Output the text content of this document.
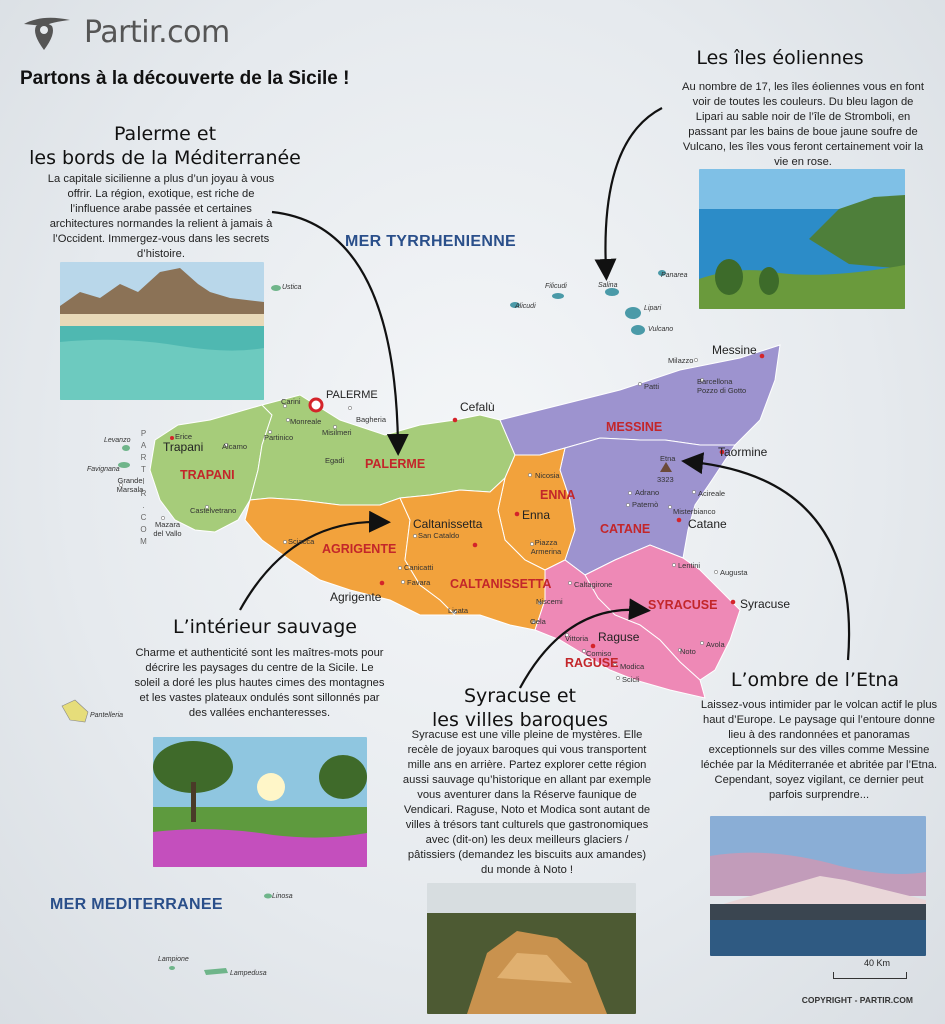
Partir.com
Partons à la découverte de la Sicile !
MER TYRRHENIENNE
MER MEDITERRANEE
TRAPANI
PALERME
MESSINE
ENNA
CATANE
AGRIGENTE
CALTANISSETTA
SYRACUSE
RAGUSE
PALERME
Trapani
Cefalù
Messine
Taormine
Catane
Syracuse
Raguse
Agrigente
Caltanissetta
Enna
Carini
Monreale	Bagheria
Partinico
Misilmeri
Alcamo
Erice
Egadi
Castelvetrano
Grande Marsala
Mazara del Vallo
Sciacca
Patti
Barcellona Pozzo di Gotto
Milazzo
Nicosia
Adrano
Paternò
Misterbianco
Acireale
San Cataldo
Piazza Armerina
Canicatti
Favara
Licata
Gela
Niscemi
Caltagirone
Lentini
Augusta
Vittoria
Comiso
Modica
Scicli
Noto
Avola
Etna
3323
Ustica	Filicudi
Alicudi
Salina
Panarea
Lipari
Vulcano
Levanzo
Favignana
Pantelleria
Linosa
Lampione
Lampedusa
P
A
R
T
I
R
.
C
O
M
Palerme et
les bords de la Méditerranée
La capitale sicilienne a plus d’un joyau à vous offrir. La région, exotique, est riche de l’influence arabe passée et certaines architectures normandes la relient à jamais à l’Occident. Immergez-vous dans les secrets d’histoire.
Les îles éoliennes
Au nombre de 17, les îles éoliennes vous en font voir de toutes les couleurs. Du bleu lagon de Lipari au sable noir de l’île de Stromboli, en passant par les bains de boue jaune soufre de Vulcano, les îles vous feront certainement voir la vie en rose.
L’intérieur sauvage
Charme et authenticité sont les maîtres-mots pour décrire les paysages du centre de la Sicile. Le soleil a doré les plus hautes cimes des montagnes et les vastes plateaux ondulés sont sillonnés par des vallées enchanteresses.
Syracuse et
les villes baroques
Syracuse est une ville pleine de mystères. Elle recèle de joyaux baroques qui vous transportent mille ans en arrière. Partez explorer cette région aussi sauvage qu’historique en allant par exemple vous aventurer dans la Réserve faunique de Vendicari. Raguse, Noto et Modica sont autant de villes à trésors tant culturels que gastronomiques avec (dit-on) les deux meilleurs glaciers / pâtissiers (demandez les biscuits aux amandes) du monde à Noto !
L’ombre de l’Etna
Laissez-vous intimider par le volcan actif le plus haut d’Europe. Le paysage qui l’entoure donne lieu à des randonnées et panoramas exceptionnels sur des villes comme Messine léchée par la Méditerranée et abritée par l’Etna. Cependant, soyez vigilant, ce dernier peut parfois surprendre...
40 Km
COPYRIGHT - PARTIR.COM
